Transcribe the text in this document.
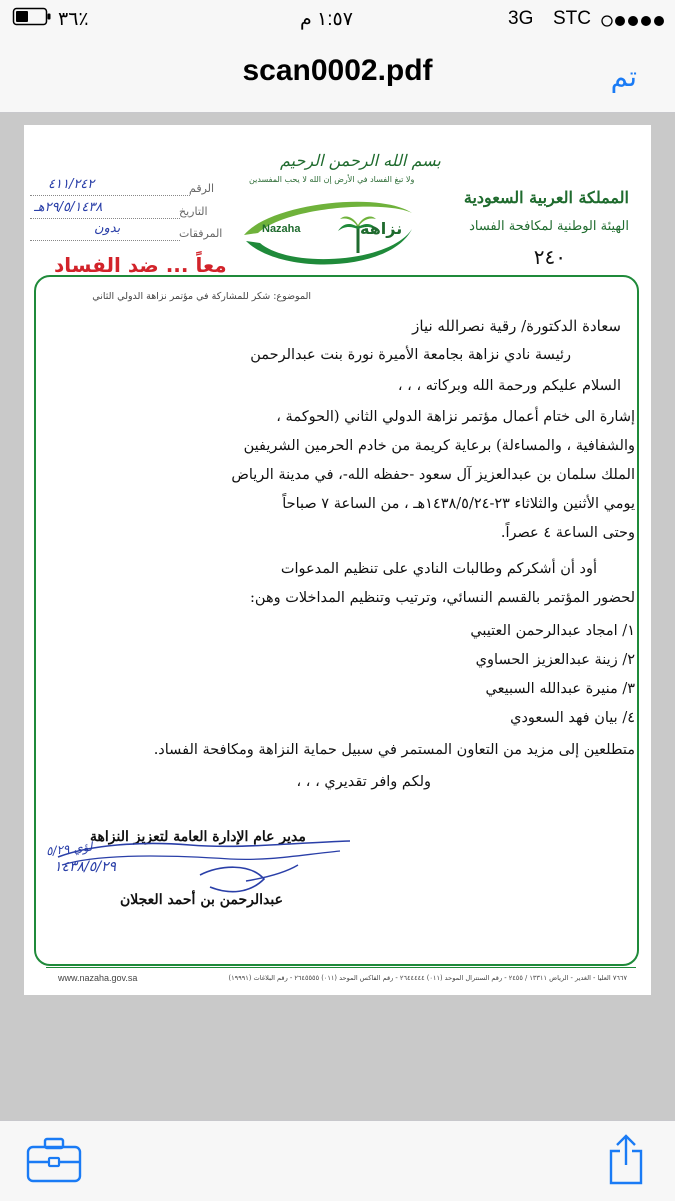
٪٣٦	١:٥٧ م	3G STC
scan0002.pdf	تم
بسم الله الرحمن الرحيم
ولا تبغ الفساد في الأرض إن الله لا يحب المفسدين
Nazaha	نزاهة
المملكة العربية السعودية
الهيئة الوطنية لمكافحة الفساد
٢٤٠
الرقم
٤١١/٢٤٢
التاريخ
٢٩/٥/١٤٣٨هـ
المرفقات
بدون
معاً ... ضد الفساد
الموضوع: شكر للمشاركة في مؤتمر نزاهة الدولي الثاني
سعادة الدكتورة/ رقية نصرالله نياز
رئيسة نادي نزاهة بجامعة الأميرة نورة بنت عبدالرحمن
السلام عليكم ورحمة الله وبركاته ، ، ،
إشارة الى ختام أعمال مؤتمر نزاهة الدولي الثاني (الحوكمة ،
والشفافية ، والمساءلة) برعاية كريمة من خادم الحرمين الشريفين
الملك سلمان بن عبدالعزيز آل سعود -حفظه الله-، في مدينة الرياض
يومي الأثنين والثلاثاء ٢٣-١٤٣٨/٥/٢٤هـ ، من الساعة ٧ صباحاً
وحتى الساعة ٤ عصراً.
أود أن أشكركم وطالبات النادي على تنظيم المدعوات
لحضور المؤتمر بالقسم النسائي، وترتيب وتنظيم المداخلات وهن:
١/ امجاد عبدالرحمن العتيبي
٢/ زينة عبدالعزيز الحساوي
٣/ منيرة عبدالله السبيعي
٤/ بيان فهد السعودي
متطلعين إلى مزيد من التعاون المستمر في سبيل حماية النزاهة ومكافحة الفساد.
ولكم وافر تقديري ، ، ،
لؤي ٥/٢٩
مدير عام الإدارة العامة لتعزيز النزاهة
١٤٣٨/٥/٢٩
عبدالرحمن بن أحمد العجلان
٧٦٦٧ العليا - الغدير - الرياض ١٣٣١١ / ٢٤٥٥ - رقم السنترال الموحد (٠١١) ٢٦٤٤٤٤٤ - رقم الفاكس الموحد (٠١١) ٢٦٤٥٥٥٥ - رقم البلاغات (١٩٩٩١)
www.nazaha.gov.sa
